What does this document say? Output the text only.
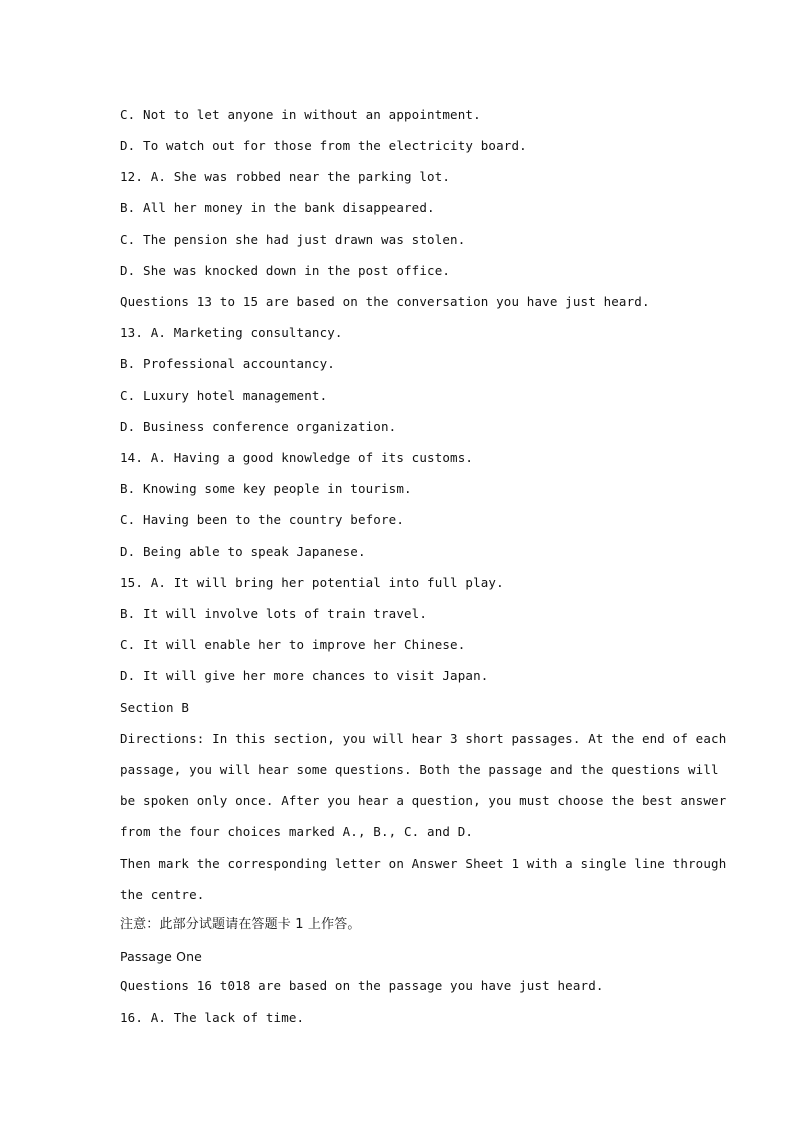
C. Not to let anyone in without an appointment.
D. To watch out for those from the electricity board.
12. A. She was robbed near the parking lot.
B. All her money in the bank disappeared.
C. The pension she had just drawn was stolen.
D. She was knocked down in the post office.
Questions 13 to 15 are based on the conversation you have just heard.
13. A. Marketing consultancy.
B. Professional accountancy.
C. Luxury hotel management.
D. Business conference organization.
14. A. Having a good knowledge of its customs.
B. Knowing some key people in tourism.
C. Having been to the country before.
D. Being able to speak Japanese.
15. A. It will bring her potential into full play.
B. It will involve lots of train travel.
C. It will enable her to improve her Chinese.
D. It will give her more chances to visit Japan.
Section B
Directions: In this section, you will hear 3 short passages. At the end of each
passage, you will hear some questions. Both the passage and the questions will
be spoken only once. After you hear a question, you must choose the best answer
from the four choices marked A., B., C. and D.
Then mark the corresponding letter on Answer Sheet 1 with a single line through
the centre.
注意：此部分试题请在答题卡 1 上作答。
Passage One
Questions 16 t018 are based on the passage you have just heard.
16. A. The lack of time.
